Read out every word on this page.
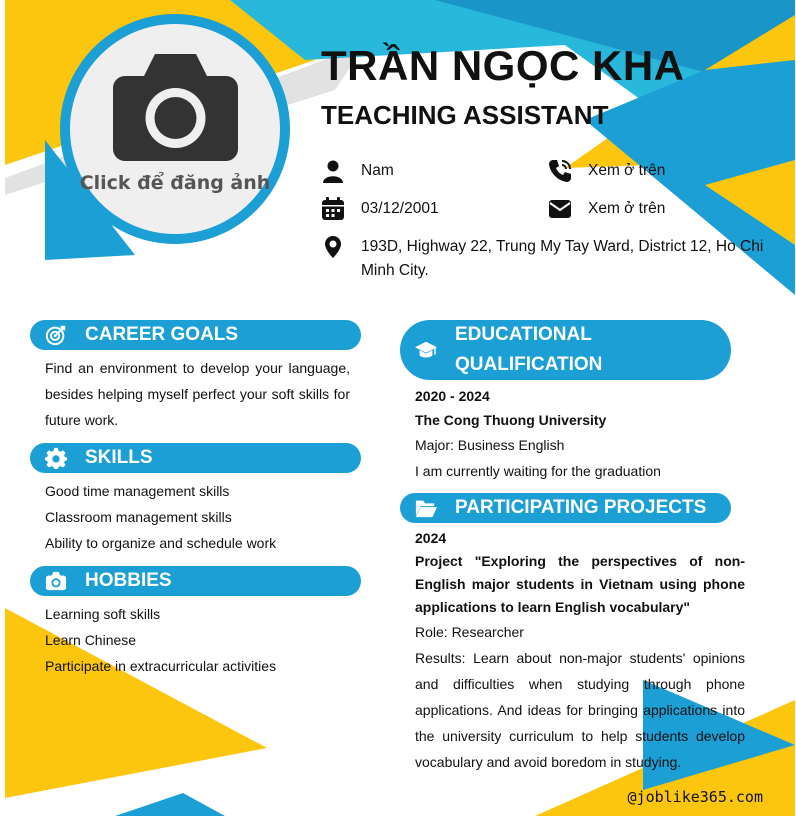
Click để đăng ảnh
TRẦN NGỌC KHA
TEACHING ASSISTANT
Nam	Xem ở trên
03/12/2001	Xem ở trên
193D, Highway 22, Trung My Tay Ward, District 12, Ho Chi Minh City.
CAREER GOALS
Find an environment to develop your language, besides helping myself perfect your soft skills for future work.
SKILLS
Good time management skills
Classroom management skills
Ability to organize and schedule work
HOBBIES
Learning soft skills
Learn Chinese
Participate in extracurricular activities
EDUCATIONAL
QUALIFICATION
2020 - 2024
The Cong Thuong University
Major: Business English
I am currently waiting for the graduation
PARTICIPATING PROJECTS
2024
Project "Exploring the perspectives of non-English major students in Vietnam using phone applications to learn English vocabulary"
Role: Researcher
Results: Learn about non-major students' opinions and difficulties when studying through phone applications. And ideas for bringing applications into the university curriculum to help students develop vocabulary and avoid boredom in studying.
@joblike365.com
